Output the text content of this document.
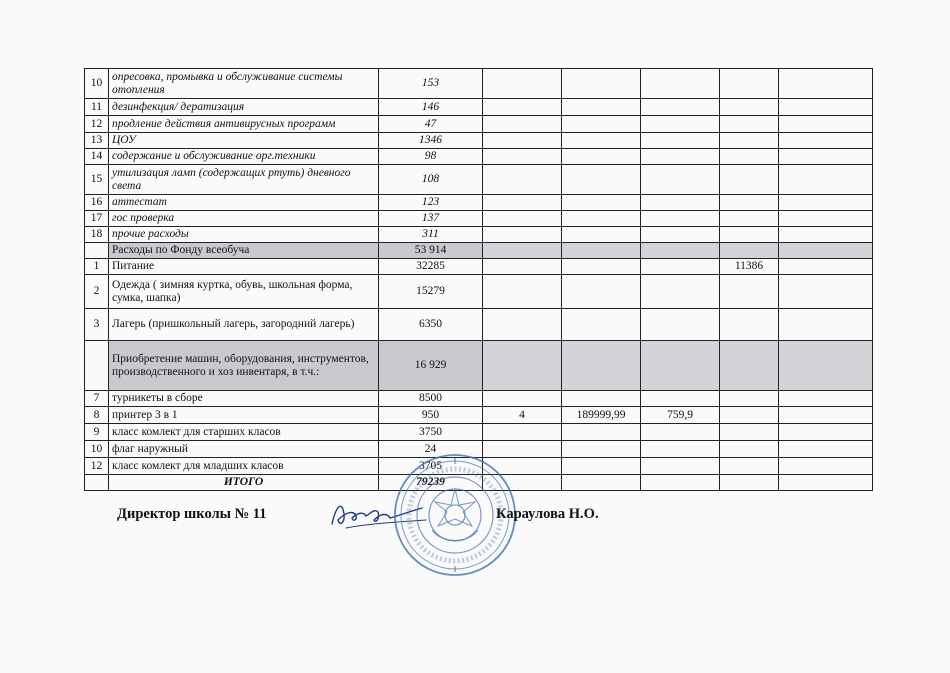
10	опресовка, промывка и обслуживание системы отопления	153					
11	дезинфекция/ дератизация	146					
12	продление действия антивирусных программ	47					
13	ЦОУ	1346					
14	содержание и обслуживание орг.техники	98					
15	утилизация ламп (содержащих ртуть) дневного света	108					
16	аттестат	123					
17	гос проверка	137					
18	прочие расходы	311					
	Расходы по Фонду всеобуча	53 914					
1	Питание	32285				11386	
2	Одежда ( зимняя куртка, обувь, школьная форма, сумка, шапка)	15279					
3	Лагерь (пришкольный лагерь, загородний лагерь)	6350					
	Приобретение машин, оборудования, инструментов, производственного и хоз инвентаря, в т.ч.:	16 929					
7	турникеты в сборе	8500					
8	принтер 3 в 1	950	4	189999,99	759,9		
9	класс комлект для старших класов	3750					
10	флаг наружный	24					
12	класс комлект для младших класов	3705					
	ИТОГО	79239					
Директор школы № 11	Караулова Н.О.
